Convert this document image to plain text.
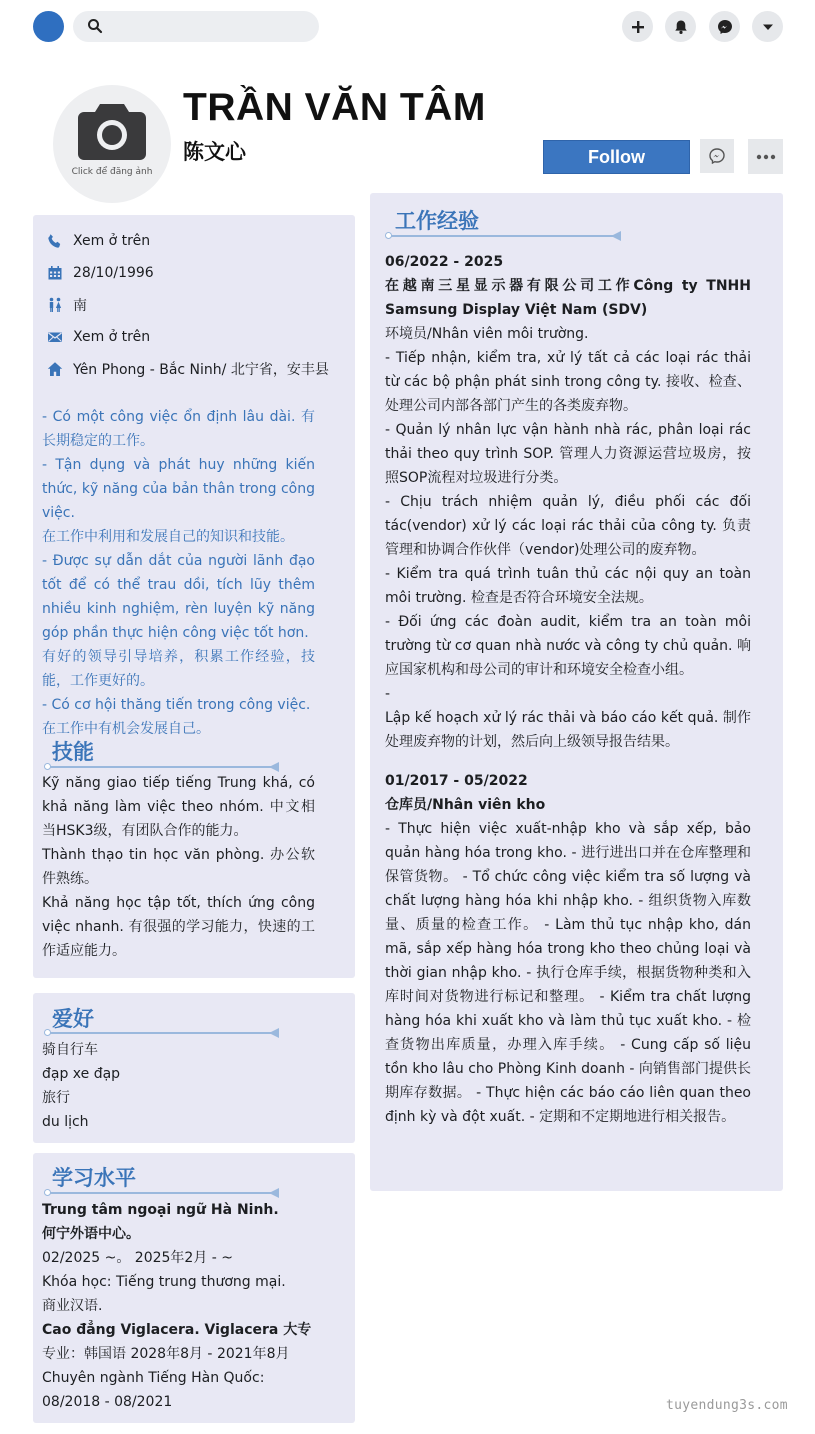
Click để đăng ảnh
TRẦN VĂN TÂM
陈文心	Follow
Xem ở trên
28/10/1996
南
Xem ở trên
Yên Phong - Bắc Ninh/ 北宁省，安丰县
- Có một công việc ổn định lâu dài. 有长期稳定的工作。
- Tận dụng và phát huy những kiến thức, kỹ năng của bản thân trong công việc.
在工作中利用和发展自己的知识和技能。
- Được sự dẫn dắt của người lãnh đạo tốt để có thể trau dồi, tích lũy thêm nhiều kinh nghiệm, rèn luyện kỹ năng góp phần thực hiện công việc tốt hơn.
有好的领导引导培养，积累工作经验，技能，工作更好的。
- Có cơ hội thăng tiến trong công việc.
在工作中有机会发展自己。
技能
Kỹ năng giao tiếp tiếng Trung khá, có khả năng làm việc theo nhóm. 中文相当HSK3级，有团队合作的能力。
Thành thạo tin học văn phòng. 办公软件熟练。
Khả năng học tập tốt, thích ứng công việc nhanh. 有很强的学习能力，快速的工作适应能力。
爱好
骑自行车
đạp xe đạp
旅行
du lịch
学习水平
Trung tâm ngoại ngữ Hà Ninh.
何宁外语中心。
02/2025 ~。 2025年2月 - ~
Khóa học: Tiếng trung thương mại.
商业汉语.
Cao đẳng Viglacera. Viglacera 大专
专业：韩国语 2028年8月 - 2021年8月 Chuyên ngành Tiếng Hàn Quốc: 08/2018 - 08/2021
工作经验
06/2022 - 2025
在越南三星显示器有限公司工作Công ty TNHH Samsung Display Việt Nam (SDV)
环境员/Nhân viên môi trường.
- Tiếp nhận, kiểm tra, xử lý tất cả các loại rác thải từ các bộ phận phát sinh trong công ty. 接收、检查、处理公司内部各部门产生的各类废弃物。
- Quản lý nhân lực vận hành nhà rác, phân loại rác thải theo quy trình SOP. 管理人力资源运营垃圾房，按照SOP流程对垃圾进行分类。
- Chịu trách nhiệm quản lý, điều phối các đối tác(vendor) xử lý các loại rác thải của công ty. 负责管理和协调合作伙伴（vendor)处理公司的废弃物。
- Kiểm tra quá trình tuân thủ các nội quy an toàn môi trường. 检查是否符合环境安全法规。
- Đối ứng các đoàn audit, kiểm tra an toàn môi trường từ cơ quan nhà nước và công ty chủ quản. 响应国家机构和母公司的审计和环境安全检查小组。
-
Lập kế hoạch xử lý rác thải và báo cáo kết quả. 制作处理废弃物的计划，然后向上级领导报告结果。
01/2017 - 05/2022
仓库员/Nhân viên kho
- Thực hiện việc xuất-nhập kho và sắp xếp, bảo quản hàng hóa trong kho. - 进行进出口并在仓库整理和保管货物。 - Tổ chức công việc kiểm tra số lượng và chất lượng hàng hóa khi nhập kho. - 组织货物入库数量、质量的检查工作。 - Làm thủ tục nhập kho, dán mã, sắp xếp hàng hóa trong kho theo chủng loại và thời gian nhập kho. - 执行仓库手续，根据货物种类和入库时间对货物进行标记和整理。 - Kiểm tra chất lượng hàng hóa khi xuất kho và làm thủ tục xuất kho. - 检查货物出库质量，办理入库手续。 - Cung cấp số liệu tồn kho lâu cho Phòng Kinh doanh - 向销售部门提供长期库存数据。 - Thực hiện các báo cáo liên quan theo định kỳ và đột xuất. - 定期和不定期地进行相关报告。
tuyendung3s.com
